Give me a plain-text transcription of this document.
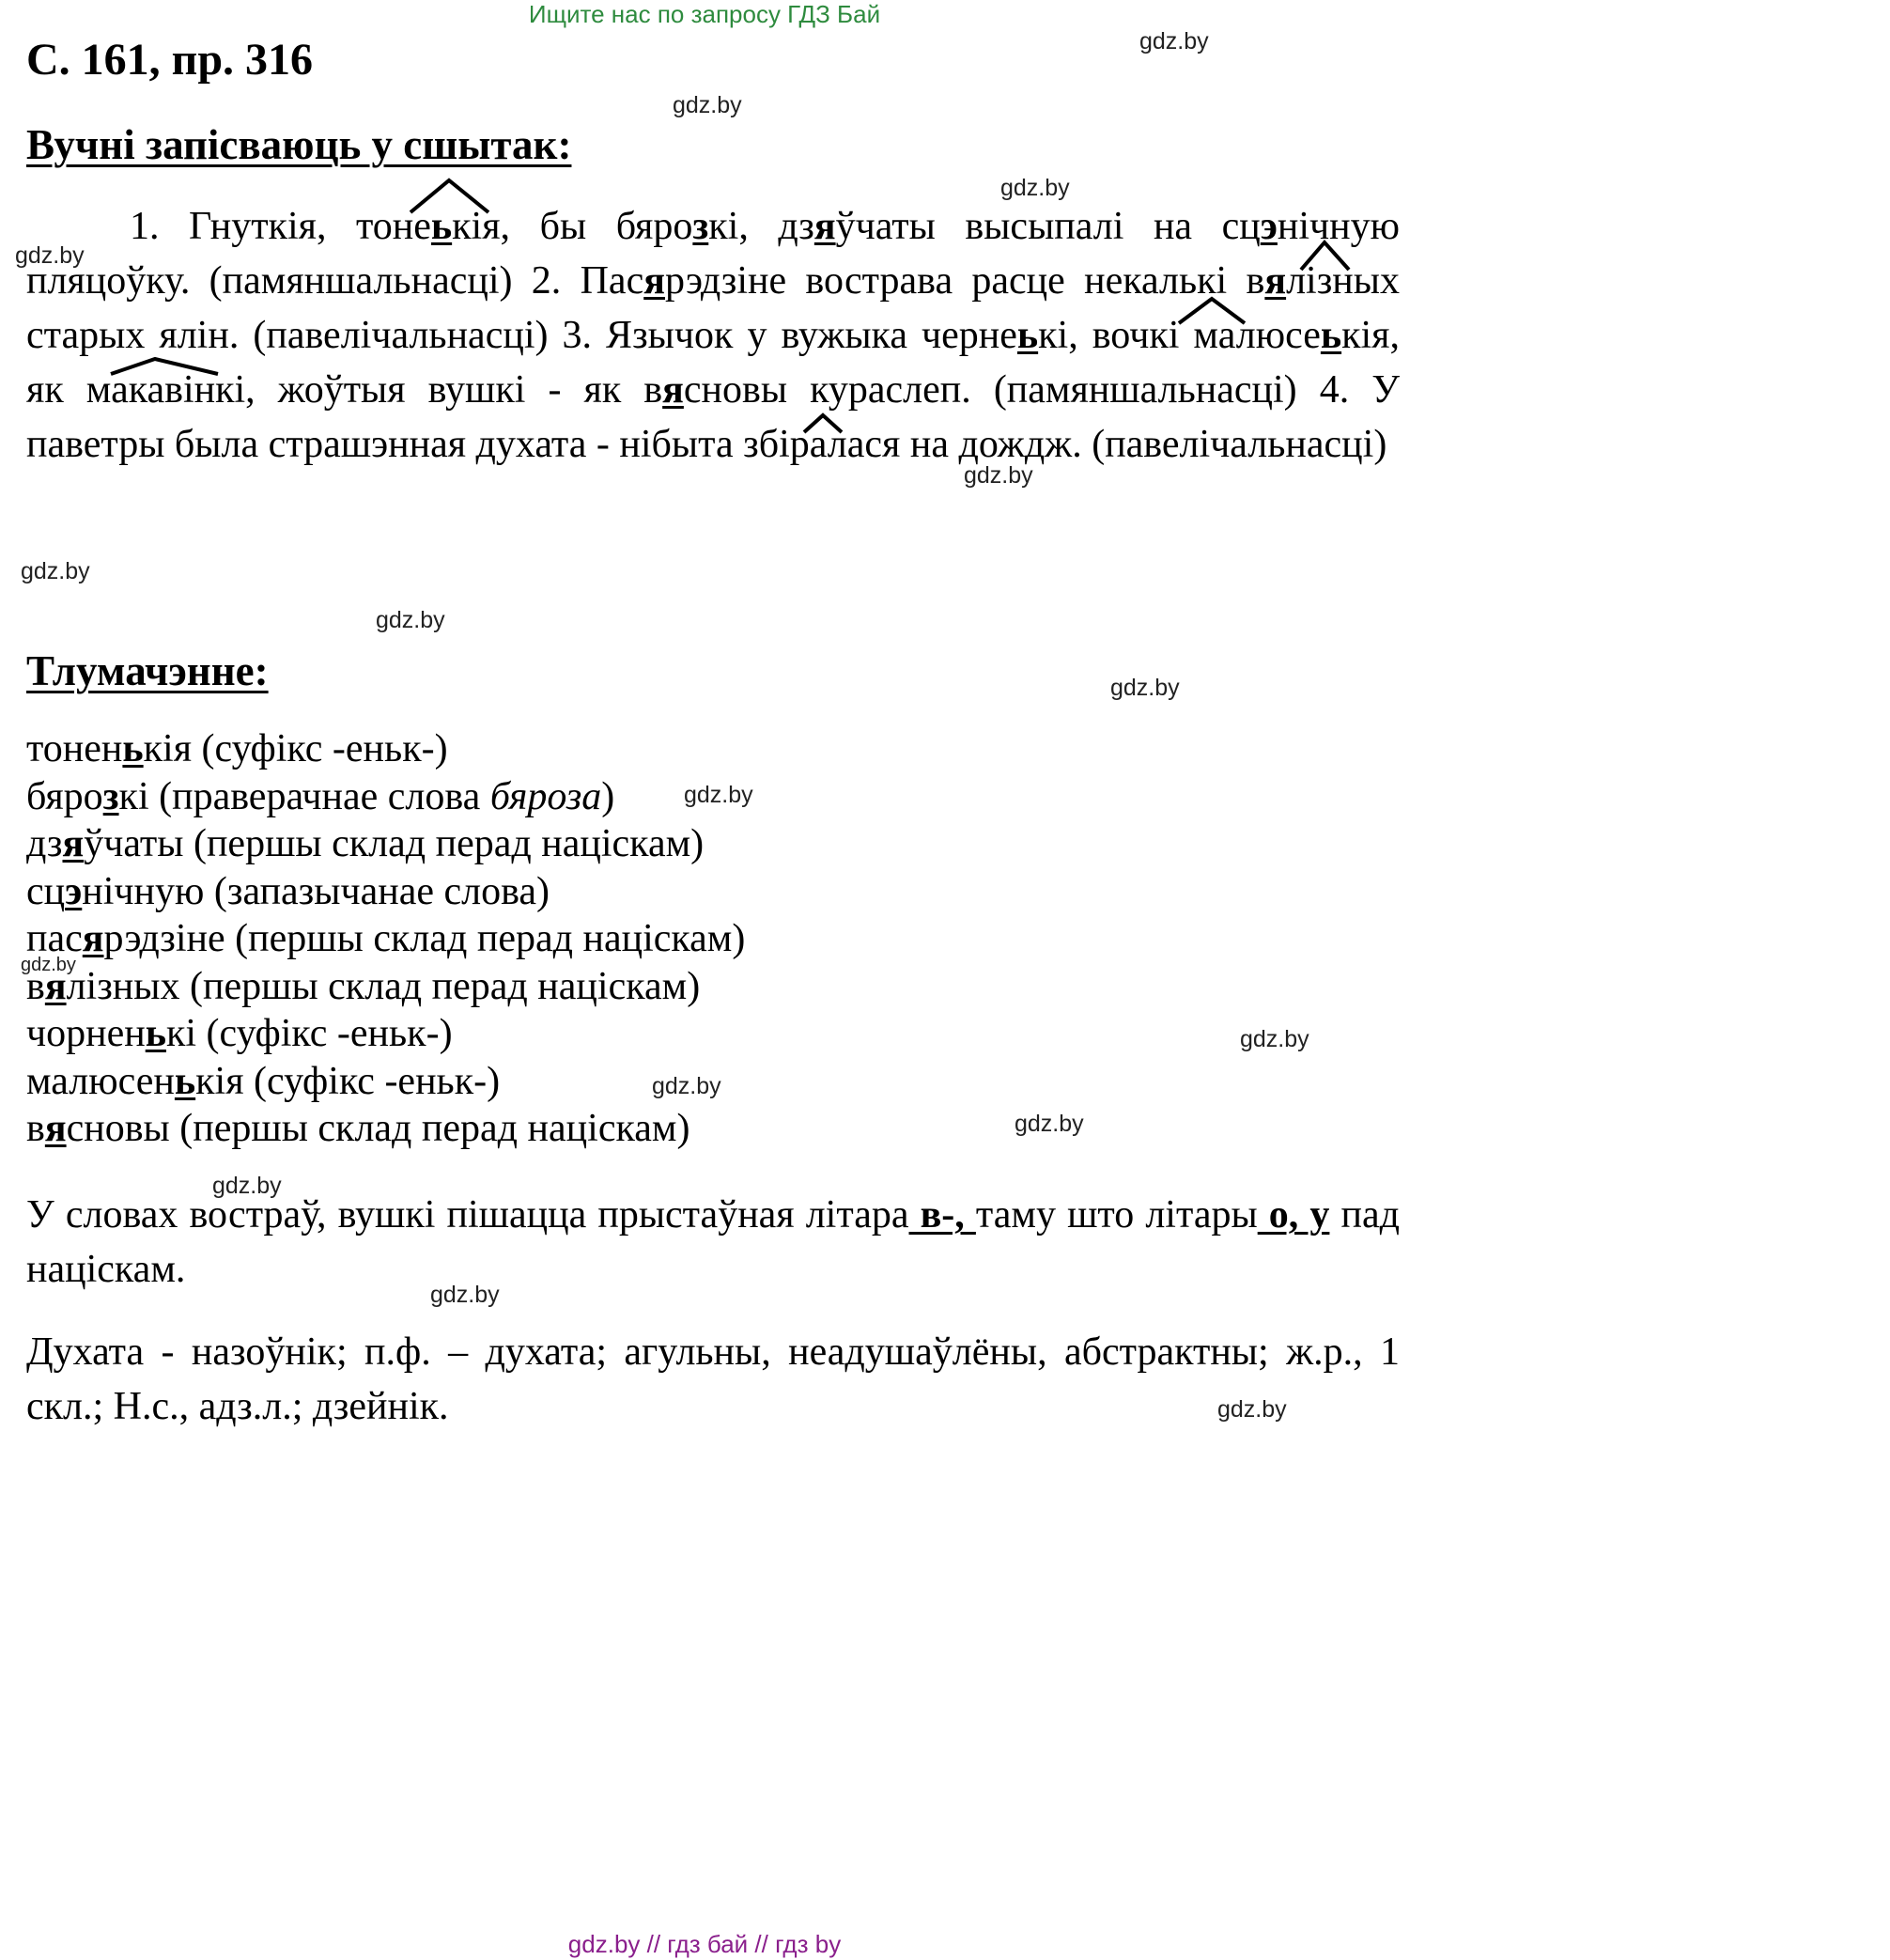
Ищите нас по запросу ГДЗ Бай
С. 161, пр. 316
Вучні запісваюць у сшытак:
1. Гнуткія, тонеькія, бы бярозкі, дзяўчаты высыпалі на сцэнічную пляцоўку. (памяншальнасці) 2. Пасярэдзіне вострава расце некалькі вялізных старых ялін. (павелічальнасці) 3. Язычок у вужыка чернеькі, вочкі малюсеькія, як макавінкі, жоўтыя вушкі - як вясновы кураслеп. (памяншальнасці) 4. У паветры была страшэнная духата - нібыта збіралася на дождж. (павелічальнасці)
Тлумачэнне:
тоненькія (суфікс -еньк-)
бярозкі (праверачнае слова бяроза)
дзяўчаты (першы склад перад націскам)
сцэнічную (запазычанае слова)
пасярэдзіне (першы склад перад націскам)
вялізных (першы склад перад націскам)
чорненькі (суфікс -еньк-)
малюсенькія (суфікс -еньк-)
вясновы (першы склад перад націскам)
У словах востраў, вушкі пішацца прыстаўная літара в-, таму што літары о, у пад націскам.
Духата - назоўнік; п.ф. – духата; агульны, неадушаўлёны, абстрактны; ж.р., 1 скл.; Н.с., адз.л.; дзейнік.
gdz.by
gdz.by
gdz.by
gdz.by
gdz.by
gdz.by
gdz.by
gdz.by
gdz.by
gdz.by
gdz.by
gdz.by
gdz.by
gdz.by
gdz.by
gdz.by
gdz.by // гдз бай // гдз by
